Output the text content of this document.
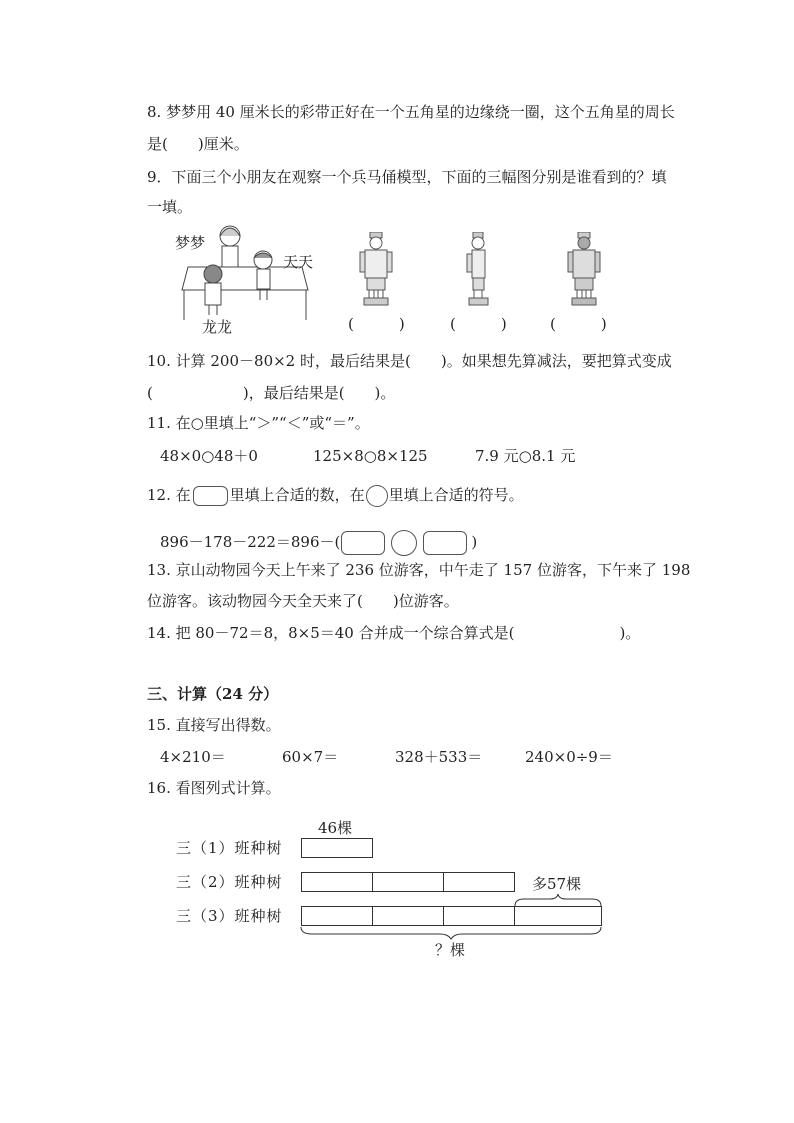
8. 梦梦用 40 厘米长的彩带正好在一个五角星的边缘绕一圈，这个五角星的周长
是(　　)厘米。
9．下面三个小朋友在观察一个兵马俑模型，下面的三幅图分别是谁看到的？填
一填。
梦梦
天天
龙龙	(　　　)	(　　　)	(　　　)
10. 计算 200－80×2 时，最后结果是(　　)。如果想先算减法，要把算式变成
(　　　　　　)，最后结果是(　　)。
11. 在○里填上“＞”“＜”或“＝”。
48×0○48＋0	125×8○8×125	7.9 元○8.1 元
12. 在	里填上合适的数，在 里填上合适的符号。
896－178－222＝896－(	)
13. 京山动物园今天上午来了 236 位游客，中午走了 157 位游客，下午来了 198
位游客。该动物园今天全天来了(　　)位游客。
14. 把 80－72＝8，8×5＝40 合并成一个综合算式是(　　　　　　　)。
三、计算（24 分）
15. 直接写出得数。
4×210＝	60×7＝	328＋533＝	240×0÷9＝
16. 看图列式计算。
46棵
三（1）班种树
三（2）班种树
三（3）班种树
多57棵
？棵
